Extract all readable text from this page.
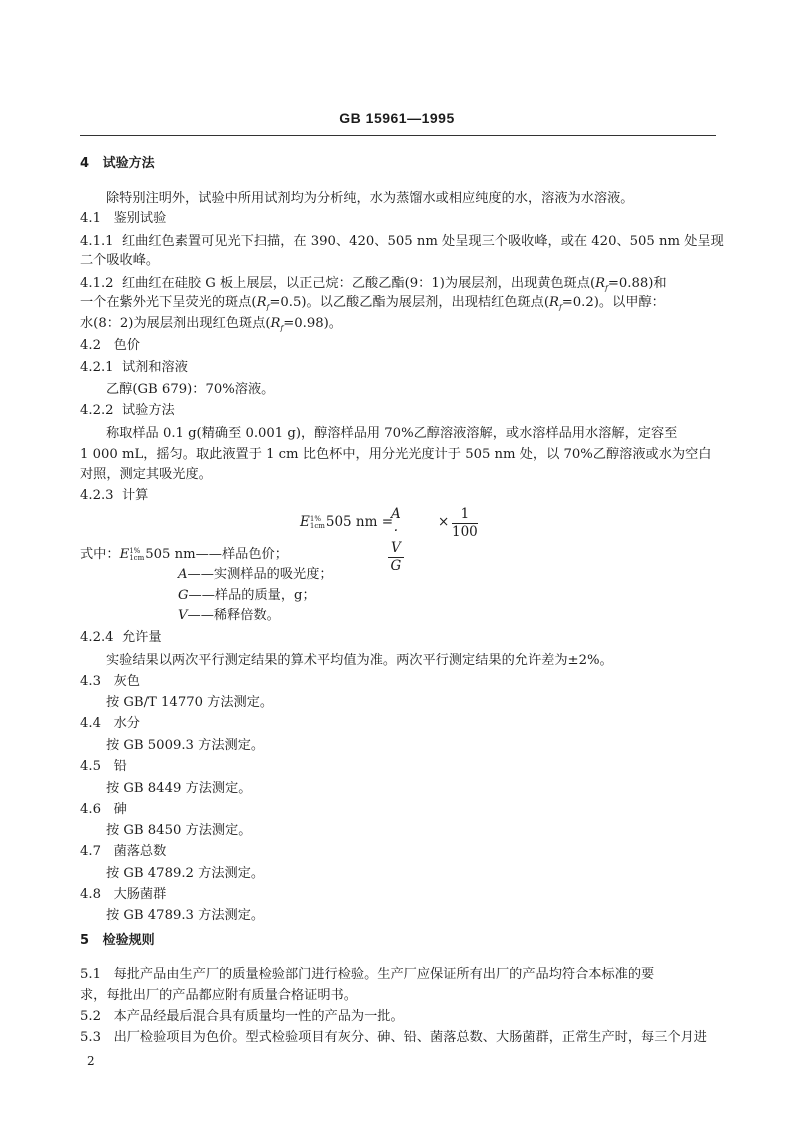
GB 15961—1995
4 试验方法
除特别注明外，试验中所用试剂均为分析纯，水为蒸馏水或相应纯度的水，溶液为水溶液。
4.1 鉴别试验
4.1.1 红曲红色素置可见光下扫描，在 390、420、505 nm 处呈现三个吸收峰，或在 420、505 nm 处呈现
二个吸收峰。
4.1.2 红曲红在硅胶 G 板上展层，以正己烷：乙酸乙酯(9：1)为展层剂，出现黄色斑点$(R_f=0.88)$和
一个在紫外光下呈荧光的斑点$(R_f=0.5)$。以乙酸乙酯为展层剂，出现桔红色斑点$(R_f=0.2)$。以甲醇：
水(8：2)为展层剂出现红色斑点$(R_f=0.98)$。
4.2 色价
4.2.1 试剂和溶液
乙醇(GB 679)：70%溶液。
4.2.2 试验方法
称取样品 0.1 g(精确至 0.001 g)，醇溶样品用 70%乙醇溶液溶解，或水溶样品用水溶解，定容至
1 000 mL，摇匀。取此液置于 1 cm 比色杯中，用分光光度计于 505 nm 处，以 70%乙醇溶液或水为空白
对照，测定其吸光度。
4.2.3 计算
E1%
1cm505 nm =
$\frac{A \cdot V}{G}$	× $\frac{1}{100}$
式中：E1%
1cm505 nm——样品色价；
A——实测样品的吸光度；
G——样品的质量，g；
V——稀释倍数。
4.2.4 允许量
实验结果以两次平行测定结果的算术平均值为准。两次平行测定结果的允许差为±2%。
4.3 灰色
按 GB/T 14770 方法测定。
4.4 水分
按 GB 5009.3 方法测定。
4.5 铅
按 GB 8449 方法测定。
4.6 砷
按 GB 8450 方法测定。
4.7 菌落总数
按 GB 4789.2 方法测定。
4.8 大肠菌群
按 GB 4789.3 方法测定。
5 检验规则
5.1 每批产品由生产厂的质量检验部门进行检验。生产厂应保证所有出厂的产品均符合本标准的要
求，每批出厂的产品都应附有质量合格证明书。
5.2 本产品经最后混合具有质量均一性的产品为一批。
5.3 出厂检验项目为色价。型式检验项目有灰分、砷、铅、菌落总数、大肠菌群，正常生产时，每三个月进
2
